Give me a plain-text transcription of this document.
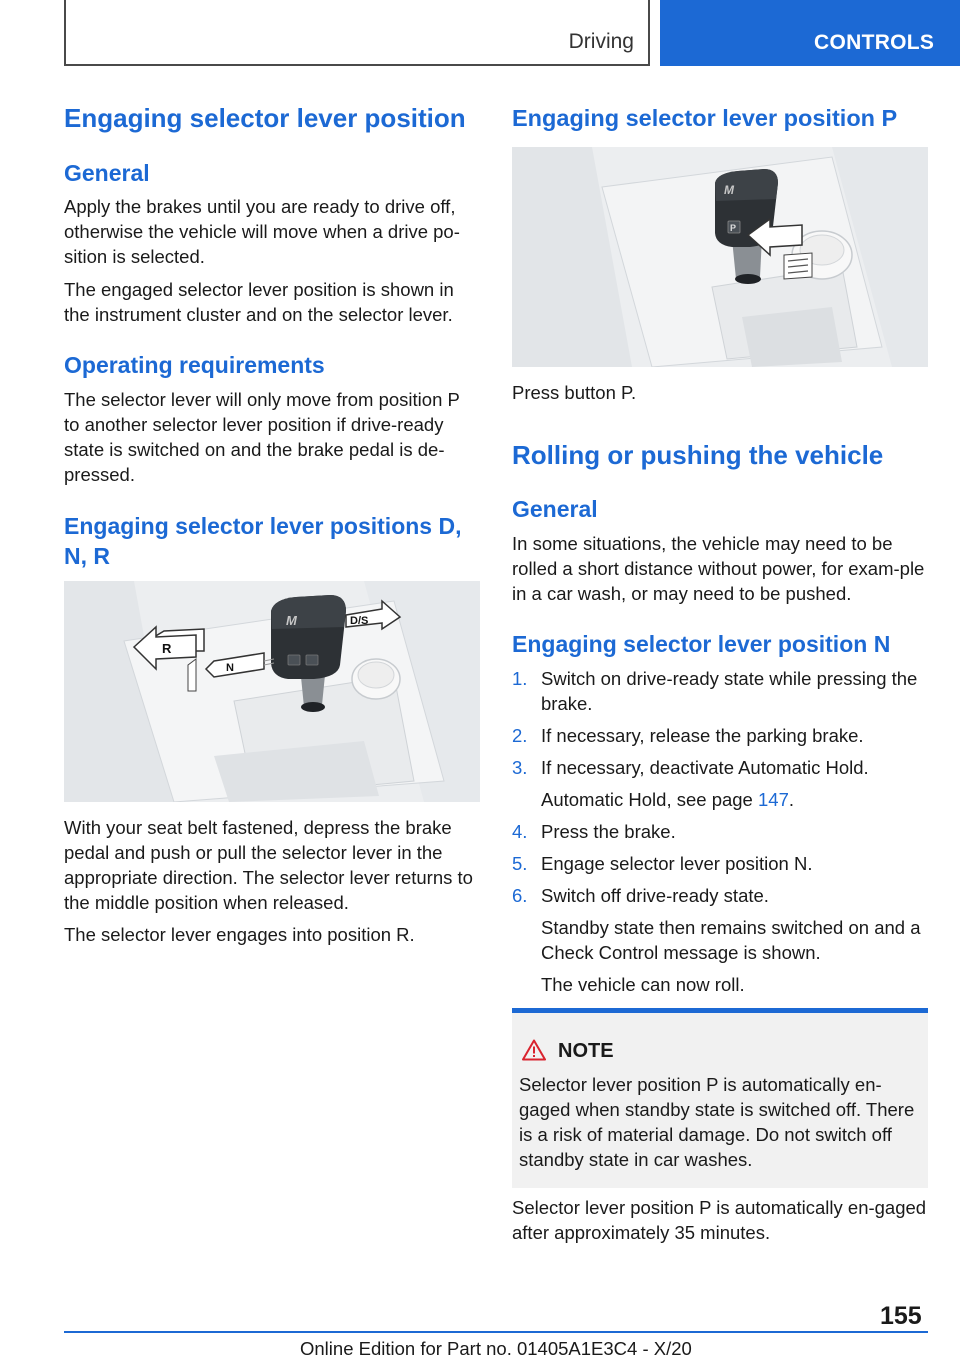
Driving	CONTROLS
Engaging selector lever position
General
Apply the brakes until you are ready to drive off, otherwise the vehicle will move when a drive po-sition is selected.
The engaged selector lever position is shown in the instrument cluster and on the selector lever.
Operating requirements
The selector lever will only move from position P to another selector lever position if drive-ready state is switched on and the brake pedal is de-pressed.
Engaging selector lever positions D, N, R
M
R
N
D/S
With your seat belt fastened, depress the brake pedal and push or pull the selector lever in the appropriate direction. The selector lever returns to the middle position when released.
The selector lever engages into position R.
Engaging selector lever position P
M
P
Press button P.
Rolling or pushing the vehicle
General
In some situations, the vehicle may need to be rolled a short distance without power, for exam-ple in a car wash, or may need to be pushed.
Engaging selector lever position N
1. Switch on drive-ready state while pressing the brake.
2. If necessary, release the parking brake.
3. If necessary, deactivate Automatic Hold.
Automatic Hold, see page 147.
4. Press the brake.
5. Engage selector lever position N.
6. Switch off drive-ready state.
Standby state then remains switched on and a Check Control message is shown.
The vehicle can now roll.
NOTE
Selector lever position P is automatically en-gaged when standby state is switched off. There is a risk of material damage. Do not switch off standby state in car washes.
Selector lever position P is automatically en-gaged after approximately 35 minutes.
155
Online Edition for Part no. 01405A1E3C4 - X/20
